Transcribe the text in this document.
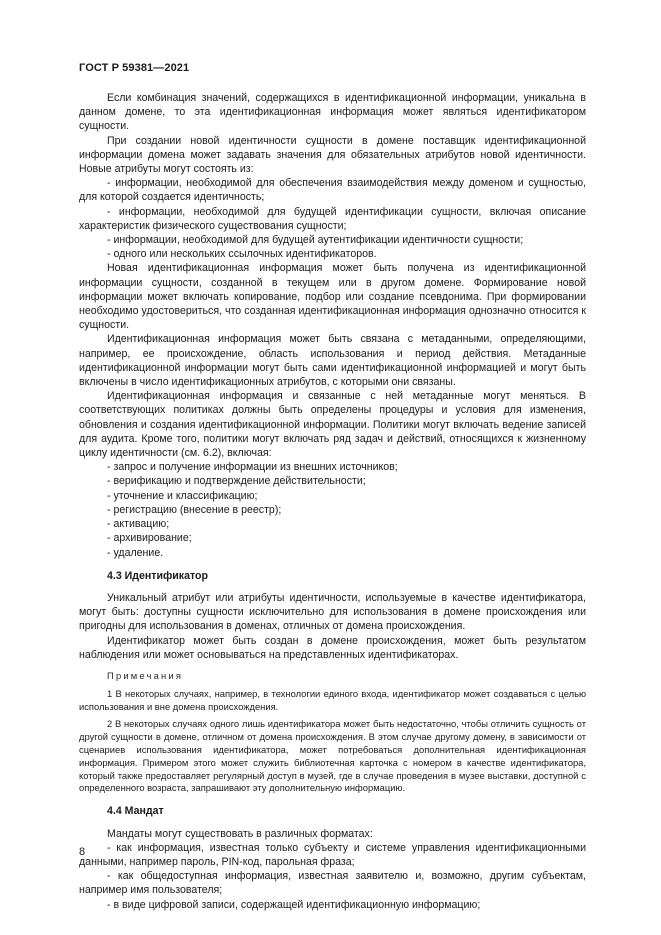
ГОСТ Р 59381—2021

Если комбинация значений, содержащихся в идентификационной информации, уникальна в данном домене, то эта идентификационная информация может являться идентификатором сущности.

При создании новой идентичности сущности в домене поставщик идентификационной информации домена может задавать значения для обязательных атрибутов новой идентичности. Новые атрибуты могут состоять из:

- информации, необходимой для обеспечения взаимодействия между доменом и сущностью, для которой создается идентичность;

- информации, необходимой для будущей идентификации сущности, включая описание характеристик физического существования сущности;

- информации, необходимой для будущей аутентификации идентичности сущности;

- одного или нескольких ссылочных идентификаторов.

Новая идентификационная информация может быть получена из идентификационной информации сущности, созданной в текущем или в другом домене. Формирование новой информации может включать копирование, подбор или создание псевдонима. При формировании необходимо удостовериться, что созданная идентификационная информация однозначно относится к сущности.

Идентификационная информация может быть связана с метаданными, определяющими, например, ее происхождение, область использования и период действия. Метаданные идентификационной информации могут быть сами идентификационной информацией и могут быть включены в число идентификационных атрибутов, с которыми они связаны.

Идентификационная информация и связанные с ней метаданные могут меняться. В соответствующих политиках должны быть определены процедуры и условия для изменения, обновления и создания идентификационной информации. Политики могут включать ведение записей для аудита. Кроме того, политики могут включать ряд задач и действий, относящихся к жизненному циклу идентичности (см. 6.2), включая:

- запрос и получение информации из внешних источников;

- верификацию и подтверждение действительности;

- уточнение и классификацию;

- регистрацию (внесение в реестр);

- активацию;

- архивирование;

- удаление.

4.3 Идентификатор

Уникальный атрибут или атрибуты идентичности, используемые в качестве идентификатора, могут быть: доступны сущности исключительно для использования в домене происхождения или пригодны для использования в доменах, отличных от домена происхождения.

Идентификатор может быть создан в домене происхождения, может быть результатом наблюдения или может основываться на представленных идентификаторах.

Примечания

1 В некоторых случаях, например, в технологии единого входа, идентификатор может создаваться с целью использования и вне домена происхождения.

2 В некоторых случаях одного лишь идентификатора может быть недостаточно, чтобы отличить сущность от другой сущности в домене, отличном от домена происхождения. В этом случае другому домену, в зависимости от сценариев использования идентификатора, может потребоваться дополнительная идентификационная информация. Примером этого может служить библиотечная карточка с номером в качестве идентификатора, который также предоставляет регулярный доступ в музей, где в случае проведения в музее выставки, доступной с определенного возраста, запрашивают эту дополнительную информацию.

4.4 Мандат

Мандаты могут существовать в различных форматах:

- как информация, известная только субъекту и системе управления идентификационными данными, например пароль, PIN-код, парольная фраза;

- как общедоступная информация, известная заявителю и, возможно, другим субъектам, например имя пользователя;

- в виде цифровой записи, содержащей идентификационную информацию;

8
